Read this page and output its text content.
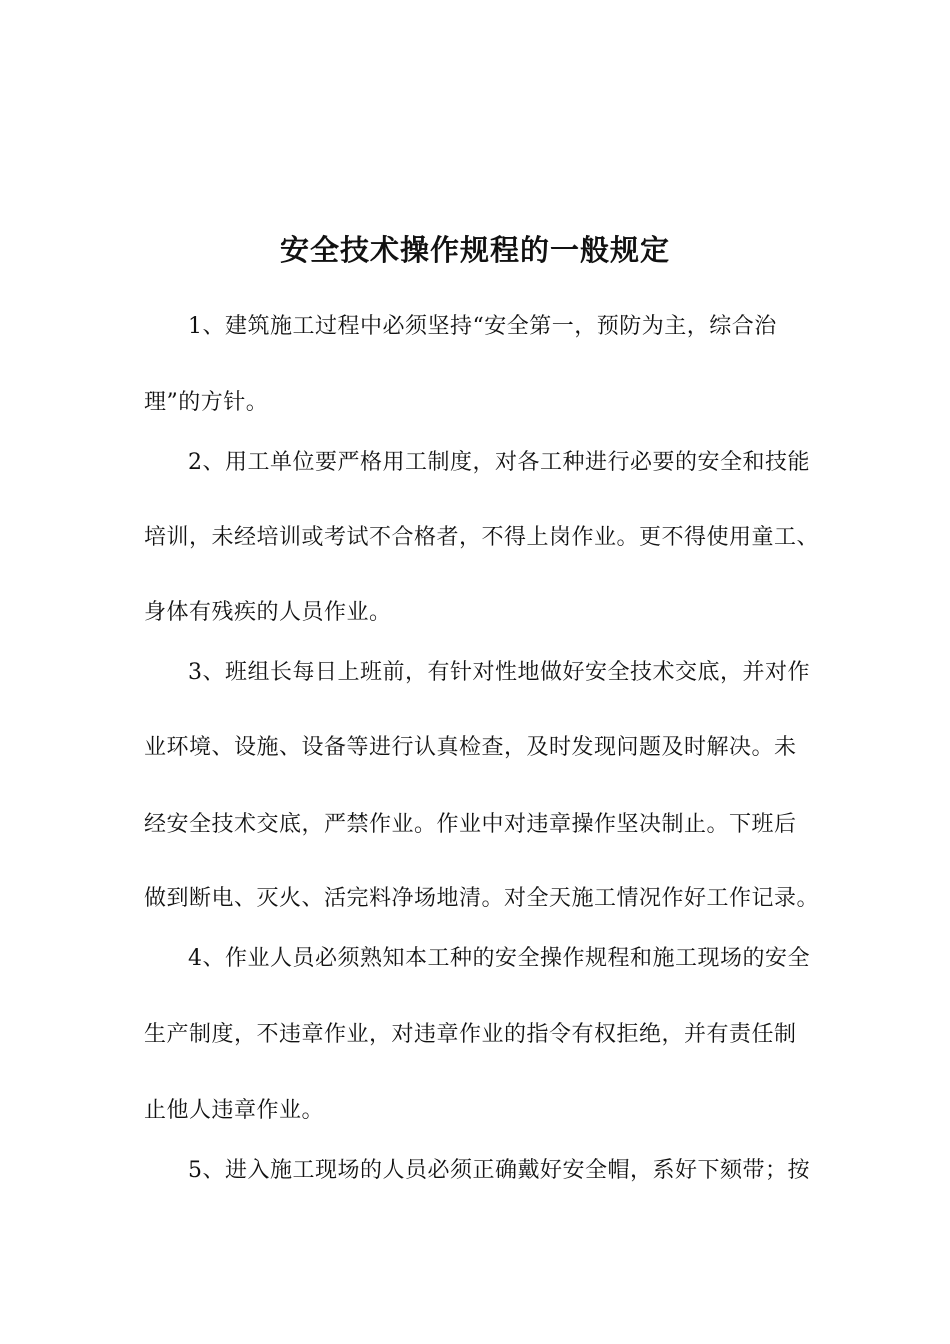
安全技术操作规程的一般规定
1、建筑施工过程中必须坚持“安全第一，预防为主，综合治
理”的方针。
2、用工单位要严格用工制度，对各工种进行必要的安全和技能
培训，未经培训或考试不合格者，不得上岗作业。更不得使用童工、
身体有残疾的人员作业。
3、班组长每日上班前，有针对性地做好安全技术交底，并对作
业环境、设施、设备等进行认真检查，及时发现问题及时解决。未
经安全技术交底，严禁作业。作业中对违章操作坚决制止。下班后
做到断电、灭火、活完料净场地清。对全天施工情况作好工作记录。
4、作业人员必须熟知本工种的安全操作规程和施工现场的安全
生产制度，不违章作业，对违章作业的指令有权拒绝，并有责任制
止他人违章作业。
5、进入施工现场的人员必须正确戴好安全帽，系好下颏带；按
